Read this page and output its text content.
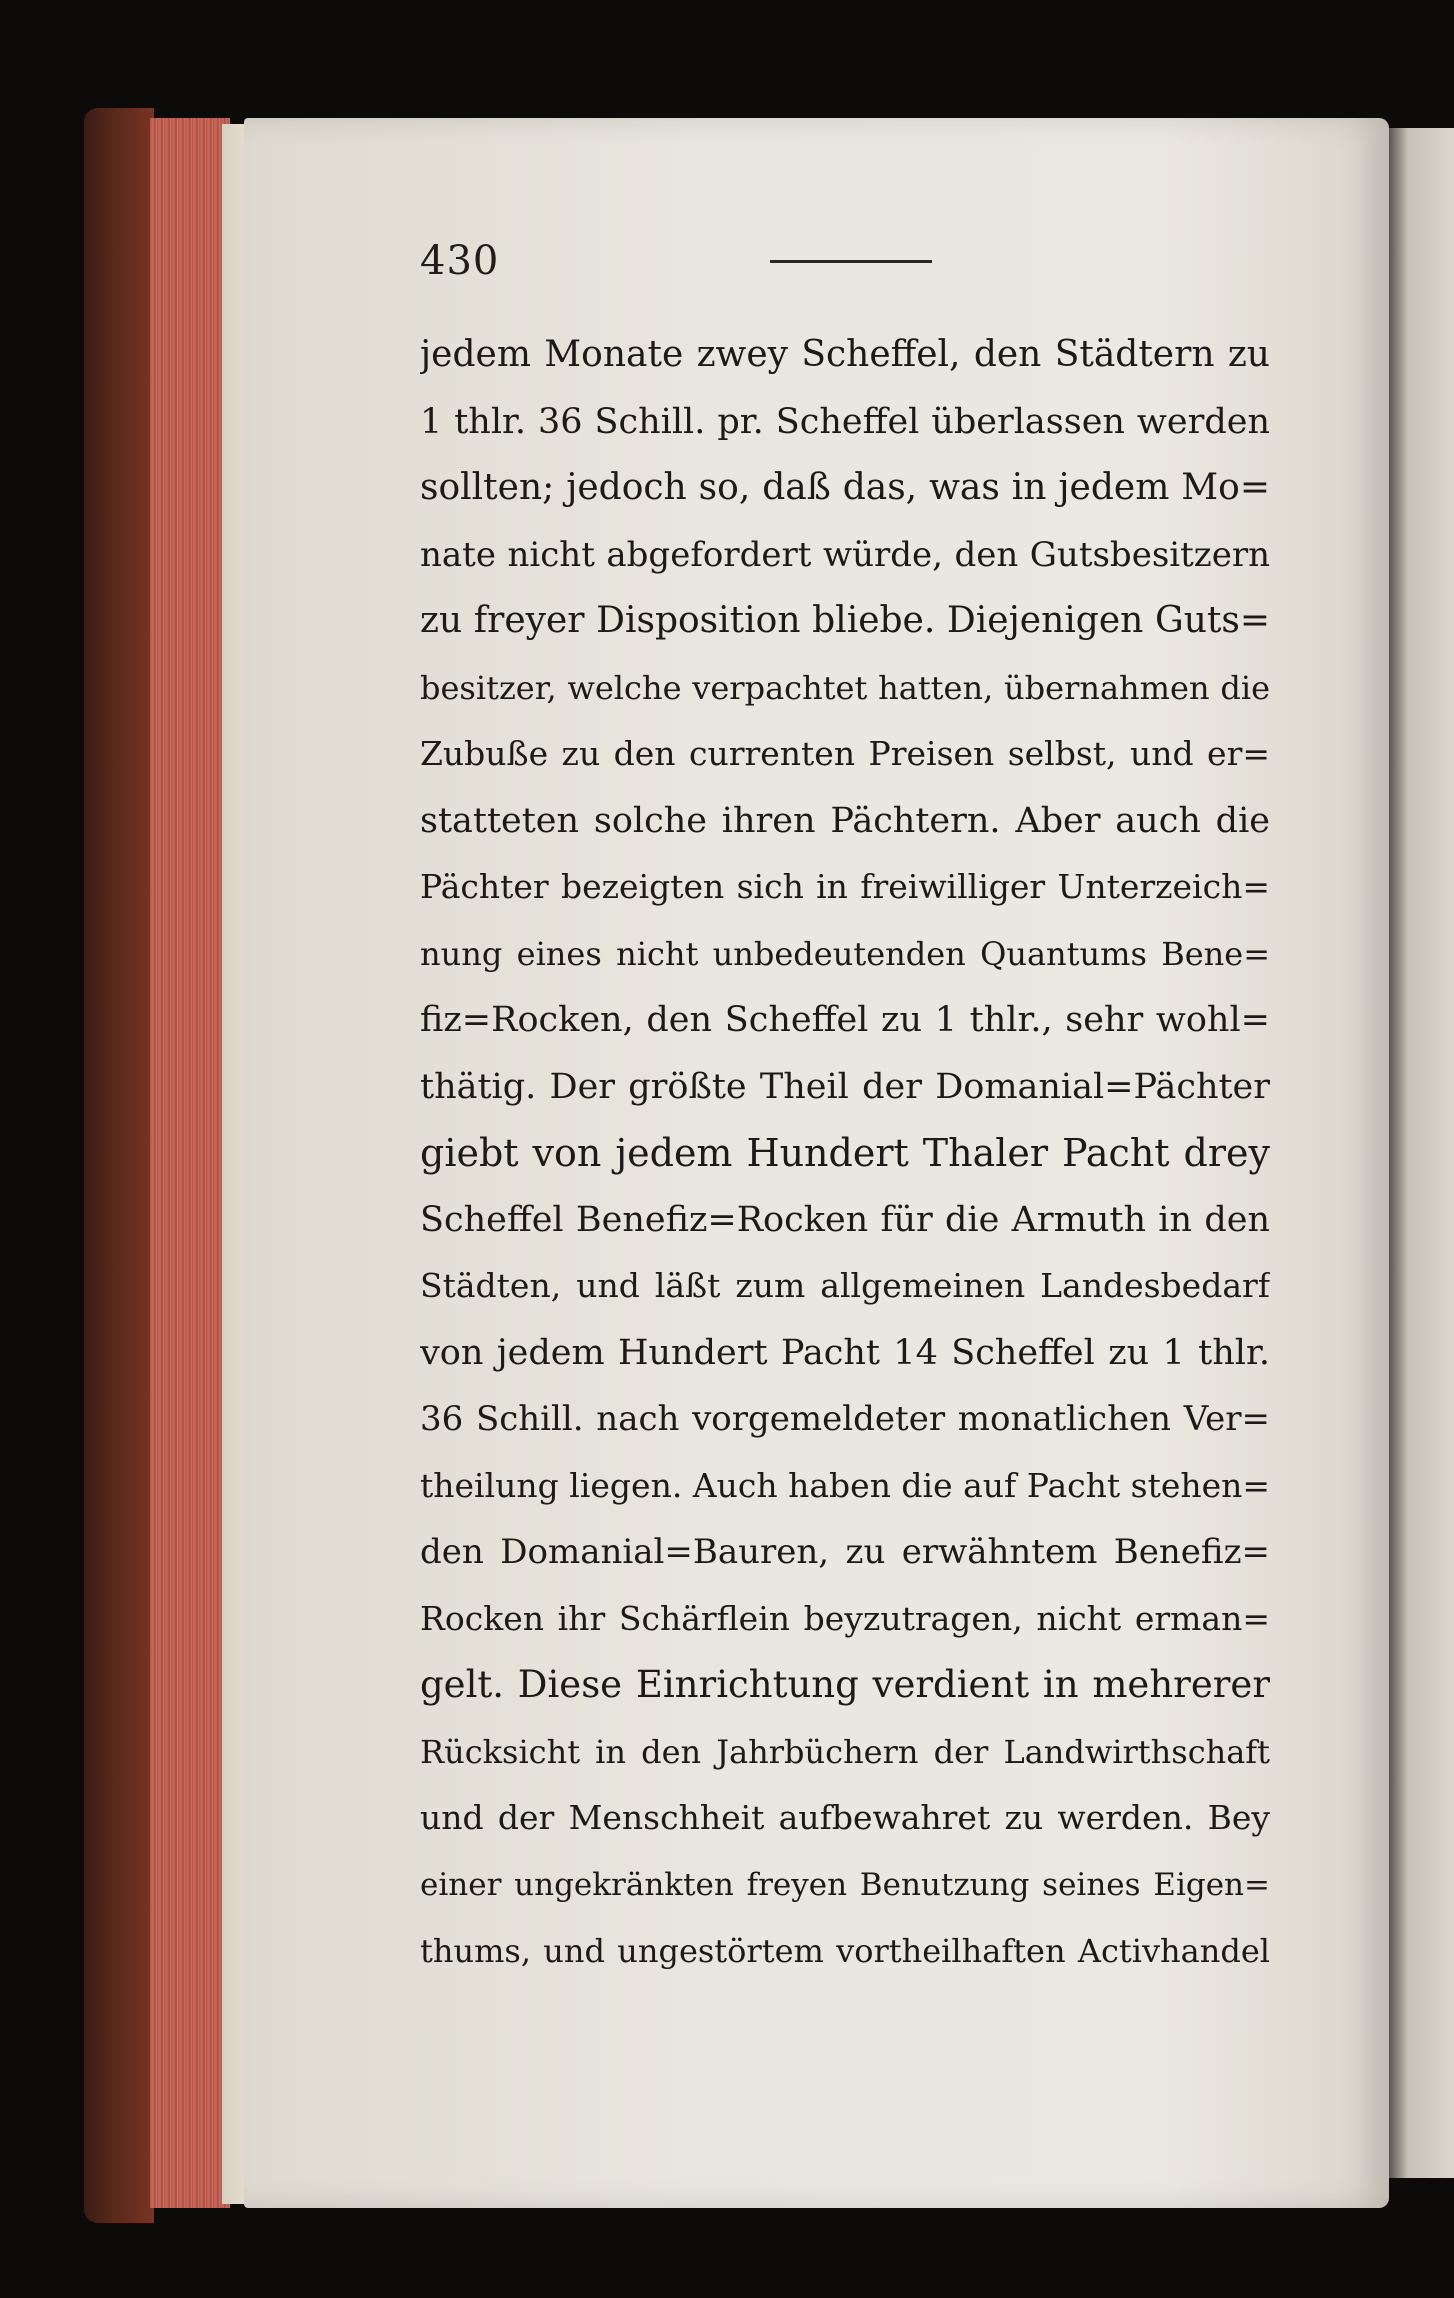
430
jedem Monate zwey Scheffel, den Städtern zu
1 thlr. 36 Schill. pr. Scheffel überlassen werden
sollten; jedoch so, daß das, was in jedem Mo=
nate nicht abgefordert würde, den Gutsbesitzern
zu freyer Disposition bliebe. Diejenigen Guts=
besitzer, welche verpachtet hatten, übernahmen die
Zubuße zu den currenten Preisen selbst, und er=
statteten solche ihren Pächtern. Aber auch die
Pächter bezeigten sich in freiwilliger Unterzeich=
nung eines nicht unbedeutenden Quantums Bene=
fiz=Rocken, den Scheffel zu 1 thlr., sehr wohl=
thätig. Der größte Theil der Domanial=Pächter
giebt von jedem Hundert Thaler Pacht drey
Scheffel Benefiz=Rocken für die Armuth in den
Städten, und läßt zum allgemeinen Landesbedarf
von jedem Hundert Pacht 14 Scheffel zu 1 thlr.
36 Schill. nach vorgemeldeter monatlichen Ver=
theilung liegen. Auch haben die auf Pacht stehen=
den Domanial=Bauren, zu erwähntem Benefiz=
Rocken ihr Schärflein beyzutragen, nicht erman=
gelt. Diese Einrichtung verdient in mehrerer
Rücksicht in den Jahrbüchern der Landwirthschaft
und der Menschheit aufbewahret zu werden. Bey
einer ungekränkten freyen Benutzung seines Eigen=
thums, und ungestörtem vortheilhaften Activhandel
